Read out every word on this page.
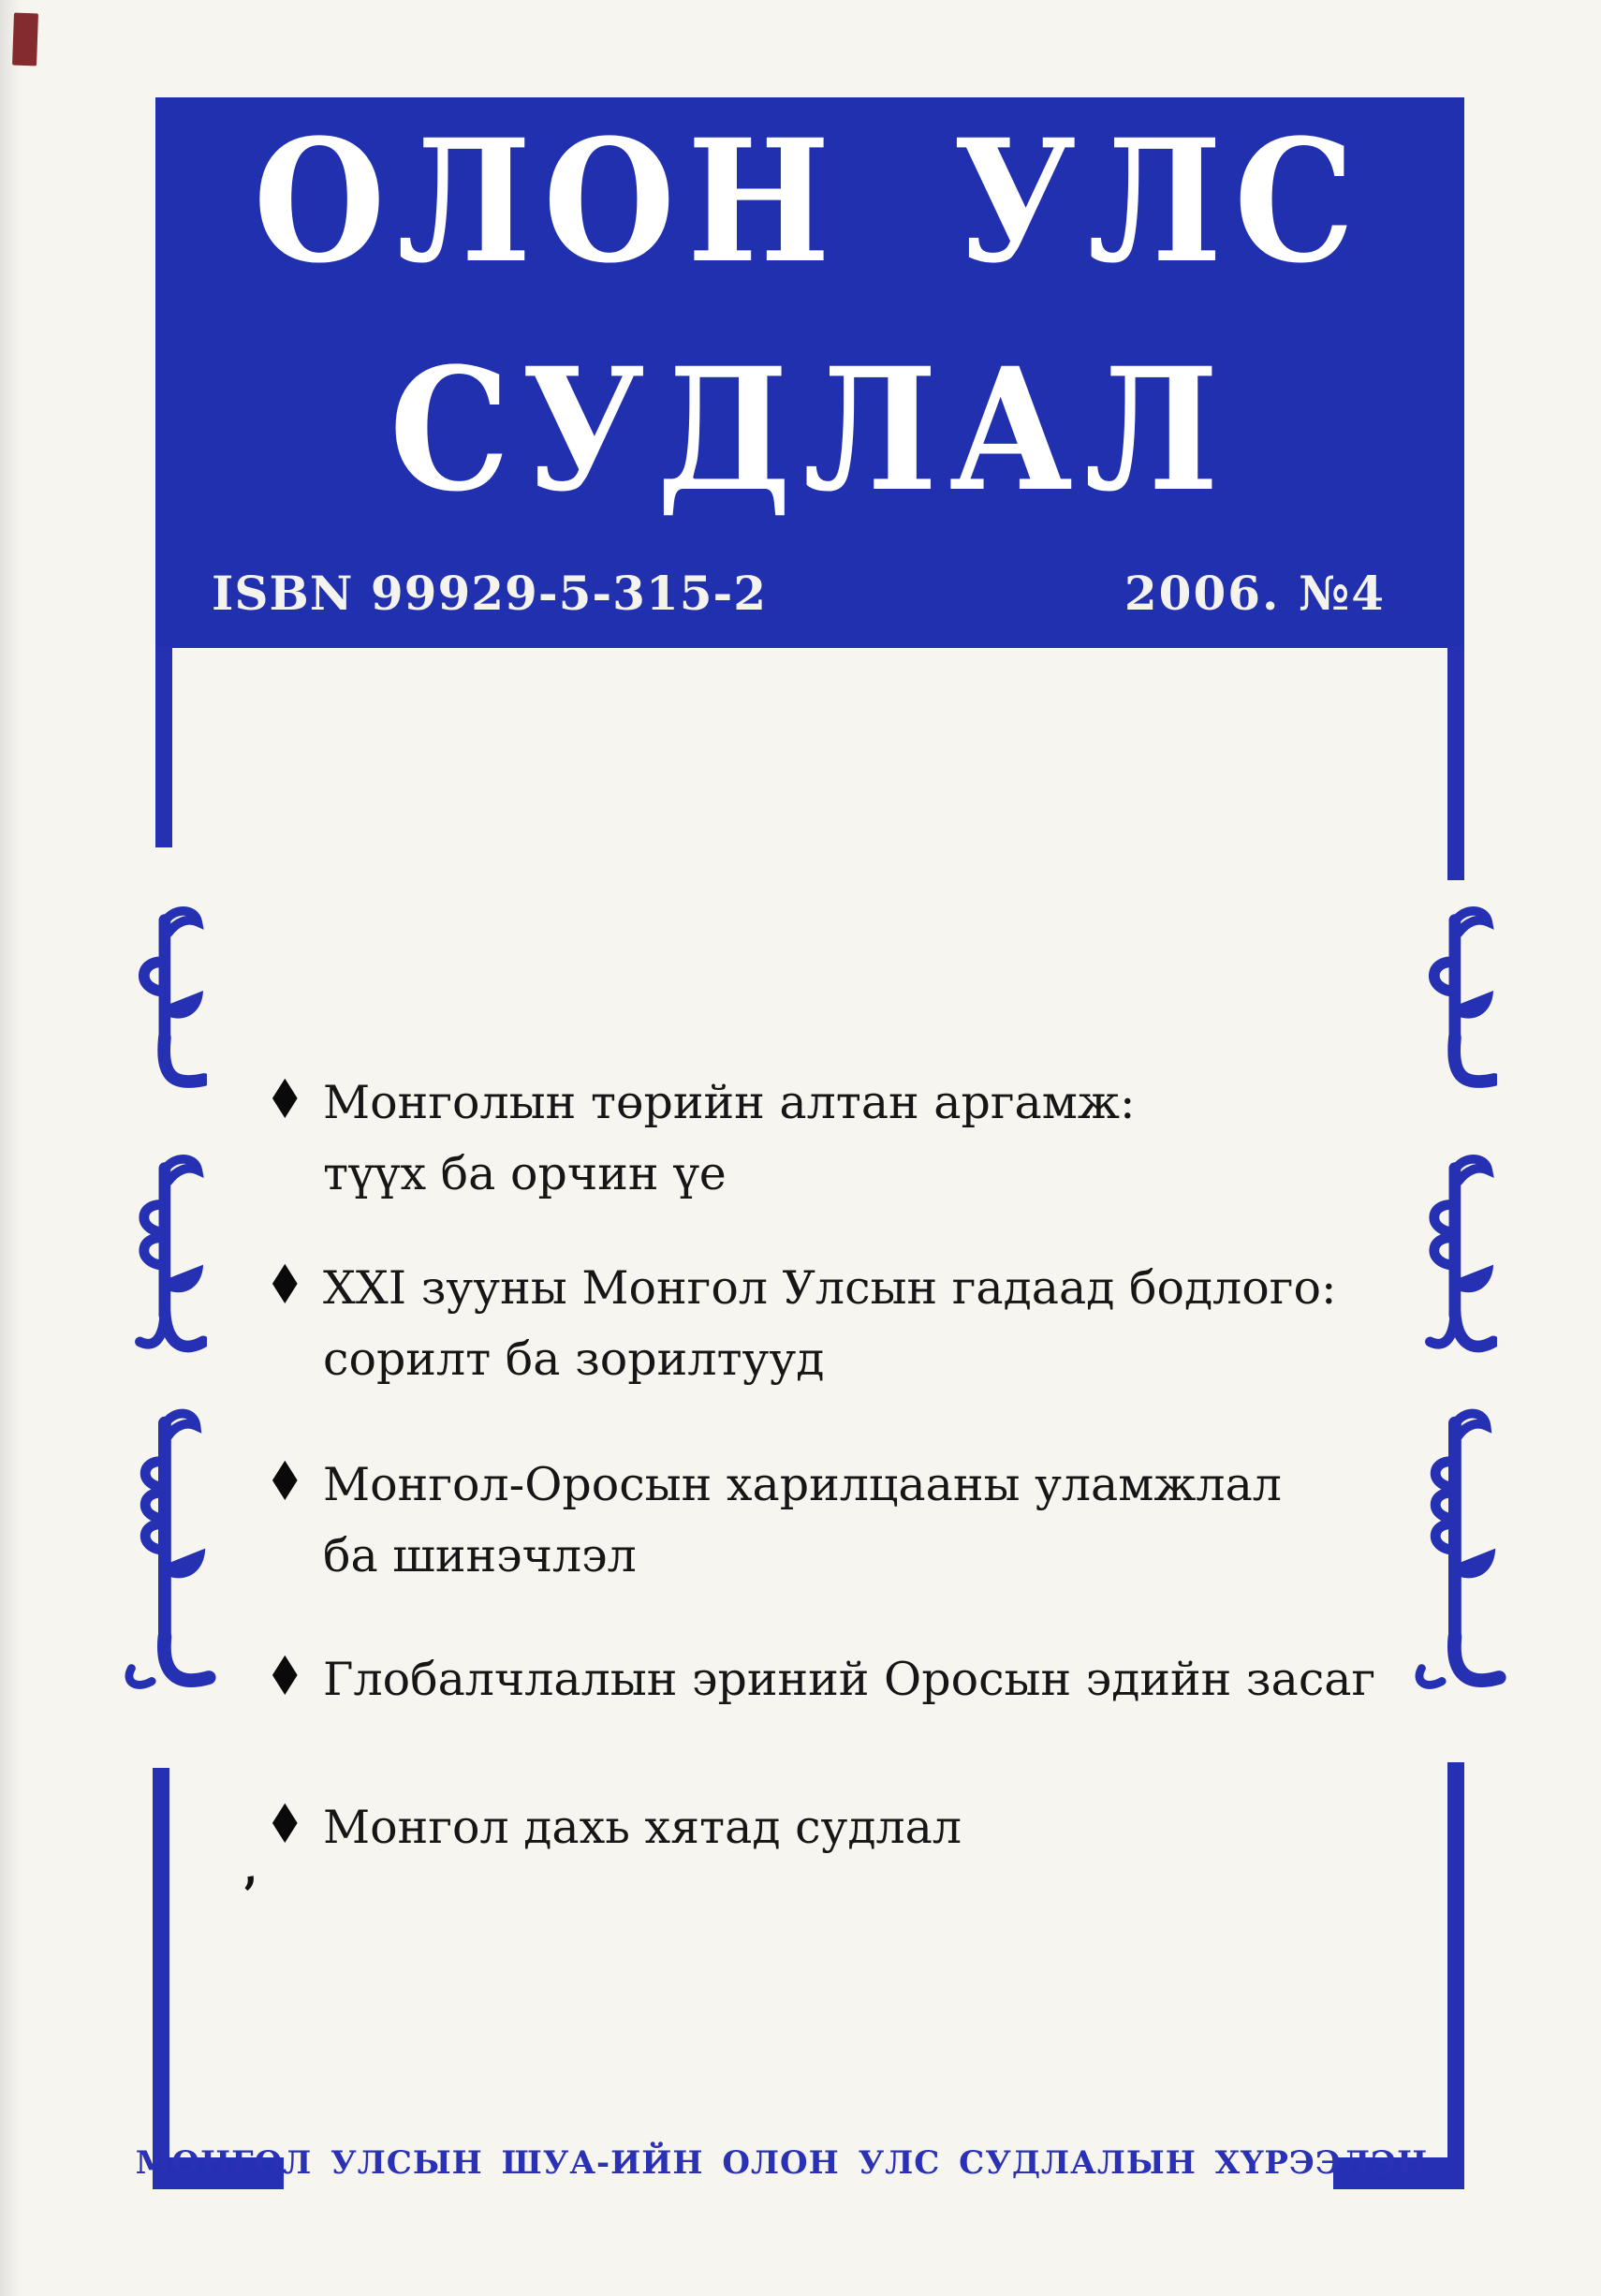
ОЛОН УЛС
СУДЛАЛ
ISBN 99929-5-315-2	2006. №4
♦ Монголын төрийн алтан аргамж:
түүх ба орчин үе
♦ XXI зууны Монгол Улсын гадаад бодлого:
сорилт ба зорилтууд
♦ Монгол-Оросын харилцааны уламжлал
ба шинэчлэл
♦ Глобалчлалын эриний Оросын эдийн засаг
♦ Монгол дахь хятад судлал
,
МОНГОЛ УЛСЫН ШУА-ИЙН ОЛОН УЛС СУДЛАЛЫН ХҮРЭЭЛЭН
